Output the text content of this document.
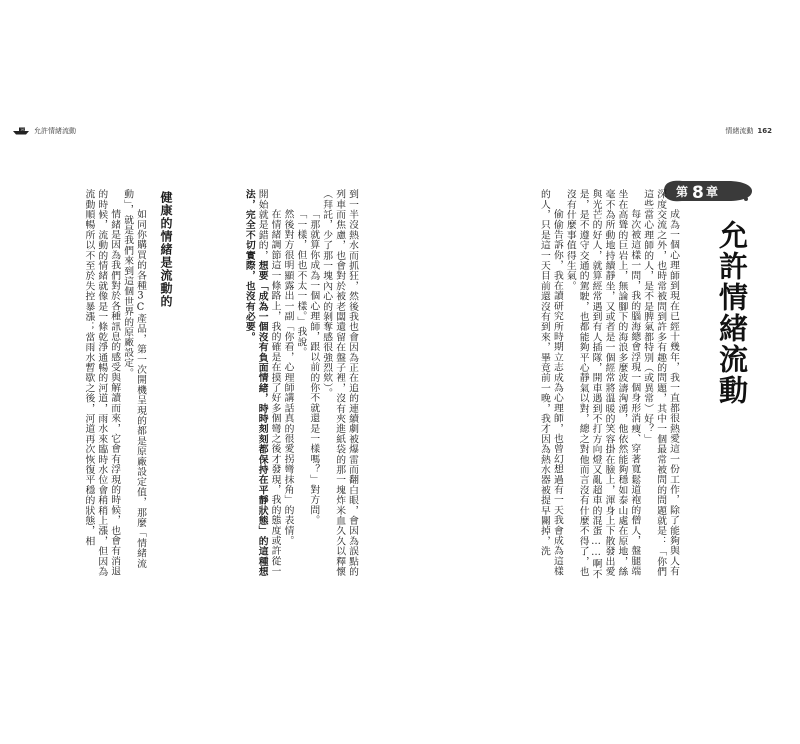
162 允許情緒流動	情緒流動 162
第 8 章
允許情緒流動

成為一個心理師到現在已經十幾年，我一直都很熱愛這一份工作，除了能夠與人有深度交流之外，也時常被問到許多有趣的問題，其中一個最常被問的問題就是：「你們這些當心理師的人，是不是脾氣都特別（或異常）好？」

每次被這樣一問，我的腦海總會浮現一個身形消瘦、穿著寬鬆道袍的僧人，盤腿端坐在高聳的巨岩上，無論腳下的海浪多麼波濤洶湧，他依然能夠穩如泰山處在原地，絲毫不為所動地持續靜坐，又或者是一個經常將溫暖的笑容掛在臉上，渾身上下散發出愛與光芒的好人，就算經常遇到有人插隊，開車遇到不打方向燈又亂超車的混蛋……啊不是，是不遵守交通的駕駛，也都能夠平心靜氣以對，總之對他而言沒有什麼不得了，也沒有什麼事值得生氣。

偷偷告訴你，我在讀研究所時期立志成為心理師，也曾幻想過有一天我會成為這樣的人，只是這一天目前還沒有到來，畢竟前一晚，我才因為熱水器被提早關掉，洗

到一半沒熱水而抓狂，然後我也會因為正在追的連續劇被爆雷而翻白眼，會因為誤點的列車而焦慮，也會對於被老闆遺留在盤子裡，沒有夾進紙袋的那一塊炸米血久久以釋懷（拜託，少了那一塊內心的剝奪感很強烈欸）。

「那就算你成為一個心理師，跟以前的你不就還是一樣嗎？」對方問。

「一樣，但也不太一樣。」我說。

然後對方很明顯露出一副「你看，心理師講話真的很愛拐彎抹角」的表情。

在情緒調節這一條路上，我的確是在摸了好多個彎之後才發現，我的態度或許從一開始就是錯的，想要「成為一個沒有負面情緒，時時刻刻都保持在平靜狀態」的這種想法，完全不切實際，也沒有必要。

健康的情緒是流動的

如同你購買的各種3C產品，第一次開機呈現的都是原廠設定值，那麼「情緒流動」，就是我們來到這個世界的原廠設定。

情緒是因為我們對於各種訊息的感受與解讀而來，它會有浮現的時候，也會有消退的時候，流動的情緒就像是一條乾淨通暢的河道，雨水來臨時水位會稍稍上漲，但因為流動順暢所以不至於失控暴漲；當雨水暫歇之後，河道再次恢復平穩的狀態，相
